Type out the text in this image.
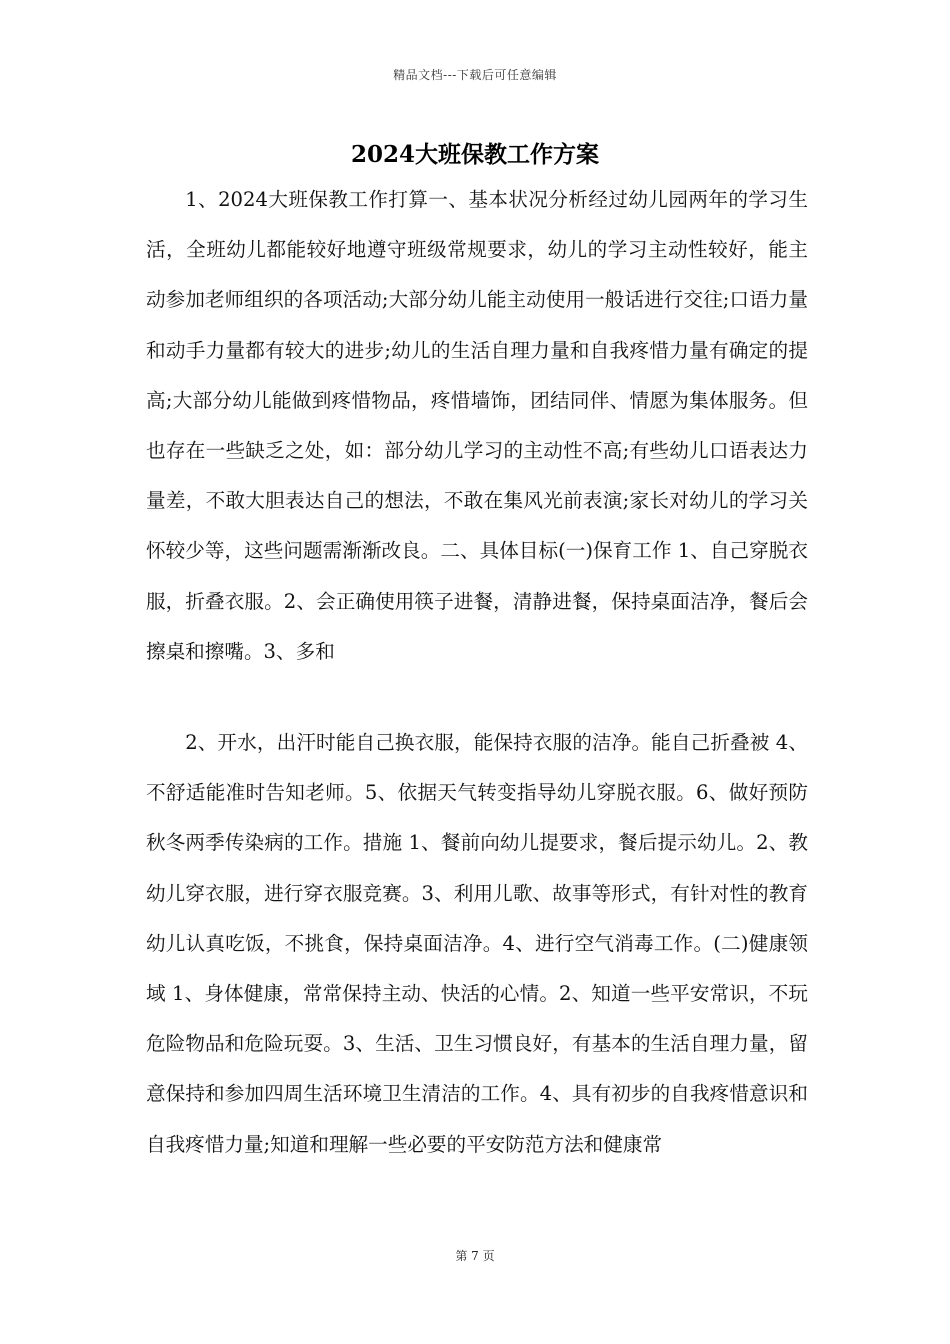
精品文档---下载后可任意编辑
2024大班保教工作方案

1、2024大班保教工作打算一、基本状况分析经过幼儿园两年的学习生活，全班幼儿都能较好地遵守班级常规要求，幼儿的学习主动性较好，能主动参加老师组织的各项活动;大部分幼儿能主动使用一般话进行交往;口语力量和动手力量都有较大的进步;幼儿的生活自理力量和自我疼惜力量有确定的提高;大部分幼儿能做到疼惜物品，疼惜墙饰，团结同伴、情愿为集体服务。但也存在一些缺乏之处，如：部分幼儿学习的主动性不高;有些幼儿口语表达力量差，不敢大胆表达自己的想法，不敢在集风光前表演;家长对幼儿的学习关怀较少等，这些问题需渐渐改良。二、具体目标(一)保育工作 1、自己穿脱衣服，折叠衣服。2、会正确使用筷子进餐，清静进餐，保持桌面洁净，餐后会擦桌和擦嘴。3、多和

2、开水，出汗时能自己换衣服，能保持衣服的洁净。能自己折叠被 4、不舒适能准时告知老师。5、依据天气转变指导幼儿穿脱衣服。6、做好预防秋冬两季传染病的工作。措施 1、餐前向幼儿提要求，餐后提示幼儿。2、教幼儿穿衣服，进行穿衣服竞赛。3、利用儿歌、故事等形式，有针对性的教育幼儿认真吃饭，不挑食，保持桌面洁净。4、进行空气消毒工作。(二)健康领域 1、身体健康，常常保持主动、快活的心情。2、知道一些平安常识，不玩危险物品和危险玩耍。3、生活、卫生习惯良好，有基本的生活自理力量，留意保持和参加四周生活环境卫生清洁的工作。4、具有初步的自我疼惜意识和自我疼惜力量;知道和理解一些必要的平安防范方法和健康常

第 7 页
